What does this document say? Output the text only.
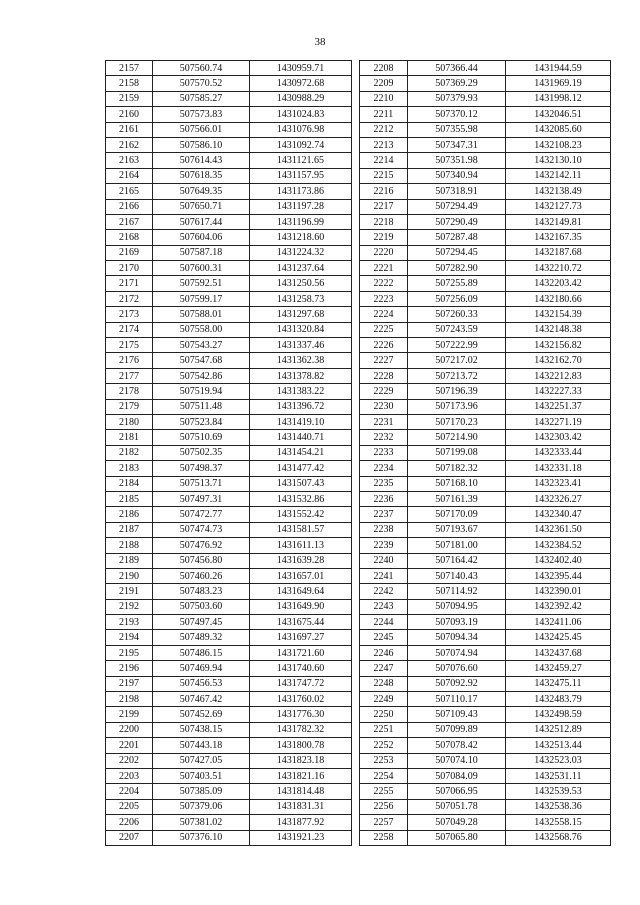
38
2157	507560.74	1430959.71
2158	507570.52	1430972.68
2159	507585.27	1430988.29
2160	507573.83	1431024.83
2161	507566.01	1431076.98
2162	507586.10	1431092.74
2163	507614.43	1431121.65
2164	507618.35	1431157.95
2165	507649.35	1431173.86
2166	507650.71	1431197.28
2167	507617.44	1431196.99
2168	507604.06	1431218.60
2169	507587.18	1431224.32
2170	507600.31	1431237.64
2171	507592.51	1431250.56
2172	507599.17	1431258.73
2173	507588.01	1431297.68
2174	507558.00	1431320.84
2175	507543.27	1431337.46
2176	507547.68	1431362.38
2177	507542.86	1431378.82
2178	507519.94	1431383.22
2179	507511.48	1431396.72
2180	507523.84	1431419.10
2181	507510.69	1431440.71
2182	507502.35	1431454.21
2183	507498.37	1431477.42
2184	507513.71	1431507.43
2185	507497.31	1431532.86
2186	507472.77	1431552.42
2187	507474.73	1431581.57
2188	507476.92	1431611.13
2189	507456.80	1431639.28
2190	507460.26	1431657.01
2191	507483.23	1431649.64
2192	507503.60	1431649.90
2193	507497.45	1431675.44
2194	507489.32	1431697.27
2195	507486.15	1431721.60
2196	507469.94	1431740.60
2197	507456.53	1431747.72
2198	507467.42	1431760.02
2199	507452.69	1431776.30
2200	507438.15	1431782.32
2201	507443.18	1431800.78
2202	507427.05	1431823.18
2203	507403.51	1431821.16
2204	507385.09	1431814.48
2205	507379.06	1431831.31
2206	507381.02	1431877.92
2207	507376.10	1431921.23
2208	507366.44	1431944.59
2209	507369.29	1431969.19
2210	507379.93	1431998.12
2211	507370.12	1432046.51
2212	507355.98	1432085.60
2213	507347.31	1432108.23
2214	507351.98	1432130.10
2215	507340.94	1432142.11
2216	507318.91	1432138.49
2217	507294.49	1432127.73
2218	507290.49	1432149.81
2219	507287.48	1432167.35
2220	507294.45	1432187.68
2221	507282.90	1432210.72
2222	507255.89	1432203.42
2223	507256.09	1432180.66
2224	507260.33	1432154.39
2225	507243.59	1432148.38
2226	507222.99	1432156.82
2227	507217.02	1432162.70
2228	507213.72	1432212.83
2229	507196.39	1432227.33
2230	507173.96	1432251.37
2231	507170.23	1432271.19
2232	507214.90	1432303.42
2233	507199.08	1432333.44
2234	507182.32	1432331.18
2235	507168.10	1432323.41
2236	507161.39	1432326.27
2237	507170.09	1432340.47
2238	507193.67	1432361.50
2239	507181.00	1432384.52
2240	507164.42	1432402.40
2241	507140.43	1432395.44
2242	507114.92	1432390.01
2243	507094.95	1432392.42
2244	507093.19	1432411.06
2245	507094.34	1432425.45
2246	507074.94	1432437.68
2247	507076.60	1432459.27
2248	507092.92	1432475.11
2249	507110.17	1432483.79
2250	507109.43	1432498.59
2251	507099.89	1432512.89
2252	507078.42	1432513.44
2253	507074.10	1432523.03
2254	507084.09	1432531.11
2255	507066.95	1432539.53
2256	507051.78	1432538.36
2257	507049.28	1432558.15
2258	507065.80	1432568.76
